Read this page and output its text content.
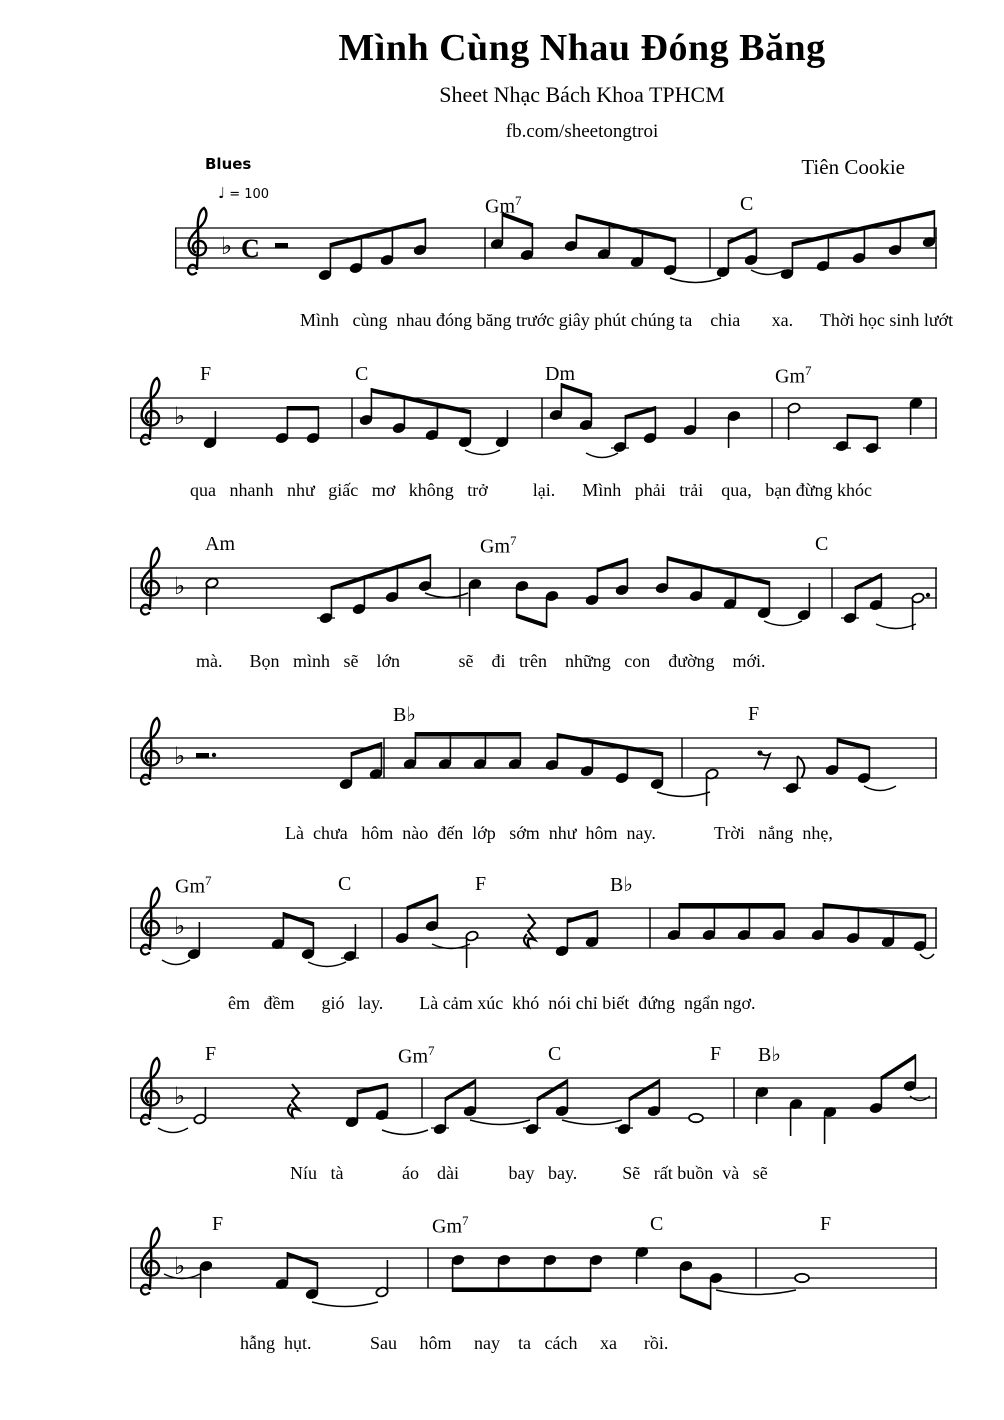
Mình Cùng Nhau Đóng Băng
Sheet Nhạc Bách Khoa TPHCM
fb.com/sheetongtroi
Blues
♩ = 100
Tiên Cookie
♭ C
Gm$^7$	C
♭
F	C	Dm	Gm$^7$
♭
Am	Gm$^7$	C
♭
B♭	F
♭
Gm$^7$	C	F	B♭
♭
F	Gm$^7$	C	F B♭
♭
F	Gm$^7$	C	F
Mình   cùng  nhau đóng băng trước giây phút chúng ta    chia       xa.      Thời học sinh lướt
qua   nhanh   như   giấc   mơ   không   trở          lại.      Mình   phải   trải    qua,   bạn đừng khóc
mà.      Bọn   mình   sẽ    lớn             sẽ    đi   trên    những   con    đường    mới.
Là  chưa   hôm  nào  đến  lớp   sớm  như  hôm  nay.             Trời   nắng  nhẹ,
êm   đềm      gió   lay.        Là cảm xúc  khó  nói chỉ biết  đứng  ngẩn ngơ.
Níu   tà             áo    dài           bay   bay.          Sẽ   rất buồn  và   sẽ
hẫng  hụt.             Sau     hôm     nay    ta   cách     xa      rồi.
